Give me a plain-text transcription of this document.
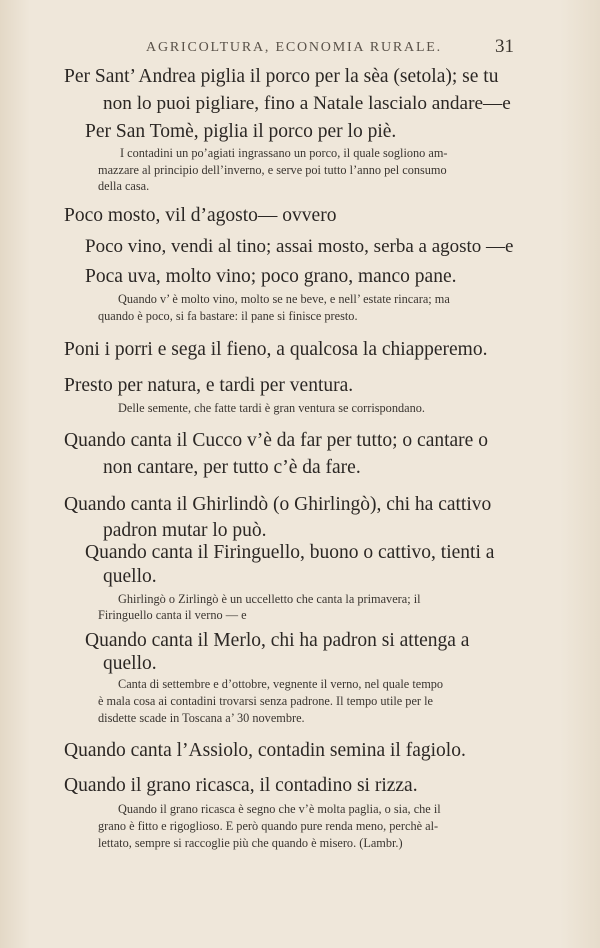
AGRICOLTURA, ECONOMIA RURALE.	31
Per Sant’ Andrea piglia il porco per la sèa (setola); se tu
non lo puoi pigliare, fino a Natale lascialo andare—e
Per San Tomè, piglia il porco per lo piè.
I contadini un po’agiati ingrassano un porco, il quale sogliono am-
mazzare al principio dell’inverno, e serve poi tutto l’anno pel consumo
della casa.
Poco mosto, vil d’agosto— ovvero
Poco vino, vendi al tino; assai mosto, serba a agosto —e
Poca uva, molto vino; poco grano, manco pane.
Quando v’ è molto vino, molto se ne beve, e nell’ estate rincara; ma
quando è poco, si fa bastare: il pane si finisce presto.
Poni i porri e sega il fieno, a qualcosa la chiapperemo.
Presto per natura, e tardi per ventura.
Delle semente, che fatte tardi è gran ventura se corrispondano.
Quando canta il Cucco v’è da far per tutto; o cantare o
non cantare, per tutto c’è da fare.
Quando canta il Ghirlindò (o Ghirlingò), chi ha cattivo
padron mutar lo può.
Quando canta il Firinguello, buono o cattivo, tienti a
quello.
Ghirlingò o Zirlingò è un uccelletto che canta la primavera; il
Firinguello canta il verno — e
Quando canta il Merlo, chi ha padron si attenga a
quello.
Canta di settembre e d’ottobre, vegnente il verno, nel quale tempo
è mala cosa ai contadini trovarsi senza padrone. Il tempo utile per le
disdette scade in Toscana a’ 30 novembre.
Quando canta l’Assiolo, contadin semina il fagiolo.
Quando il grano ricasca, il contadino si rizza.
Quando il grano ricasca è segno che v’è molta paglia, o sia, che il
grano è fitto e rigoglioso. E però quando pure renda meno, perchè al-
lettato, sempre si raccoglie più che quando è misero. (Lambr.)
